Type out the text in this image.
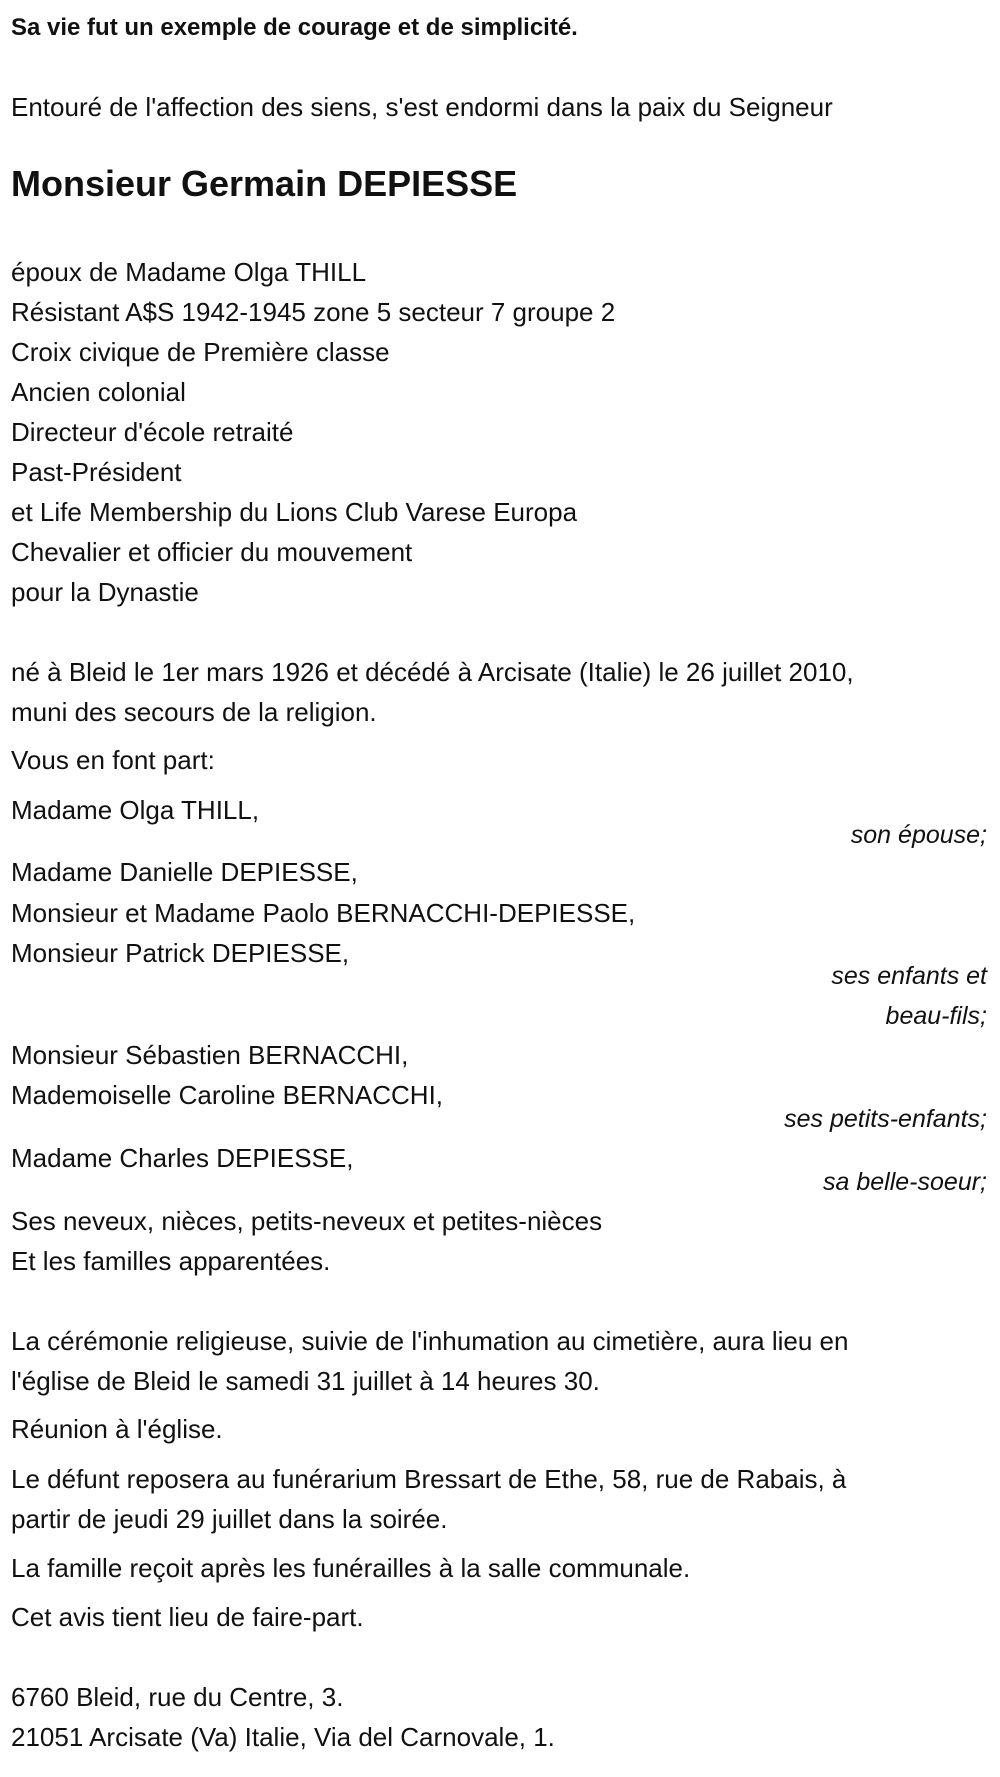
Sa vie fut un exemple de courage et de simplicité.
Entouré de l'affection des siens, s'est endormi dans la paix du Seigneur
Monsieur Germain DEPIESSE
époux de Madame Olga THILL
Résistant A$S 1942-1945 zone 5 secteur 7 groupe 2
Croix civique de Première classe
Ancien colonial
Directeur d'école retraité
Past-Président
et Life Membership du Lions Club Varese Europa
Chevalier et officier du mouvement
pour la Dynastie
né à Bleid le 1er mars 1926 et décédé à Arcisate (Italie) le 26 juillet 2010,
muni des secours de la religion.
Vous en font part:
Madame Olga THILL,
son épouse;
Madame Danielle DEPIESSE,
Monsieur et Madame Paolo BERNACCHI-DEPIESSE,
Monsieur Patrick DEPIESSE,
ses enfants et
beau-fils;
Monsieur Sébastien BERNACCHI,
Mademoiselle Caroline BERNACCHI,
ses petits-enfants;
Madame Charles DEPIESSE,
sa belle-soeur;
Ses neveux, nièces, petits-neveux et petites-nièces
Et les familles apparentées.
La cérémonie religieuse, suivie de l'inhumation au cimetière, aura lieu en
l'église de Bleid le samedi 31 juillet à 14 heures 30.
Réunion à l'église.
Le défunt reposera au funérarium Bressart de Ethe, 58, rue de Rabais, à
partir de jeudi 29 juillet dans la soirée.
La famille reçoit après les funérailles à la salle communale.
Cet avis tient lieu de faire-part.
6760 Bleid, rue du Centre, 3.
21051 Arcisate (Va) Italie, Via del Carnovale, 1.
